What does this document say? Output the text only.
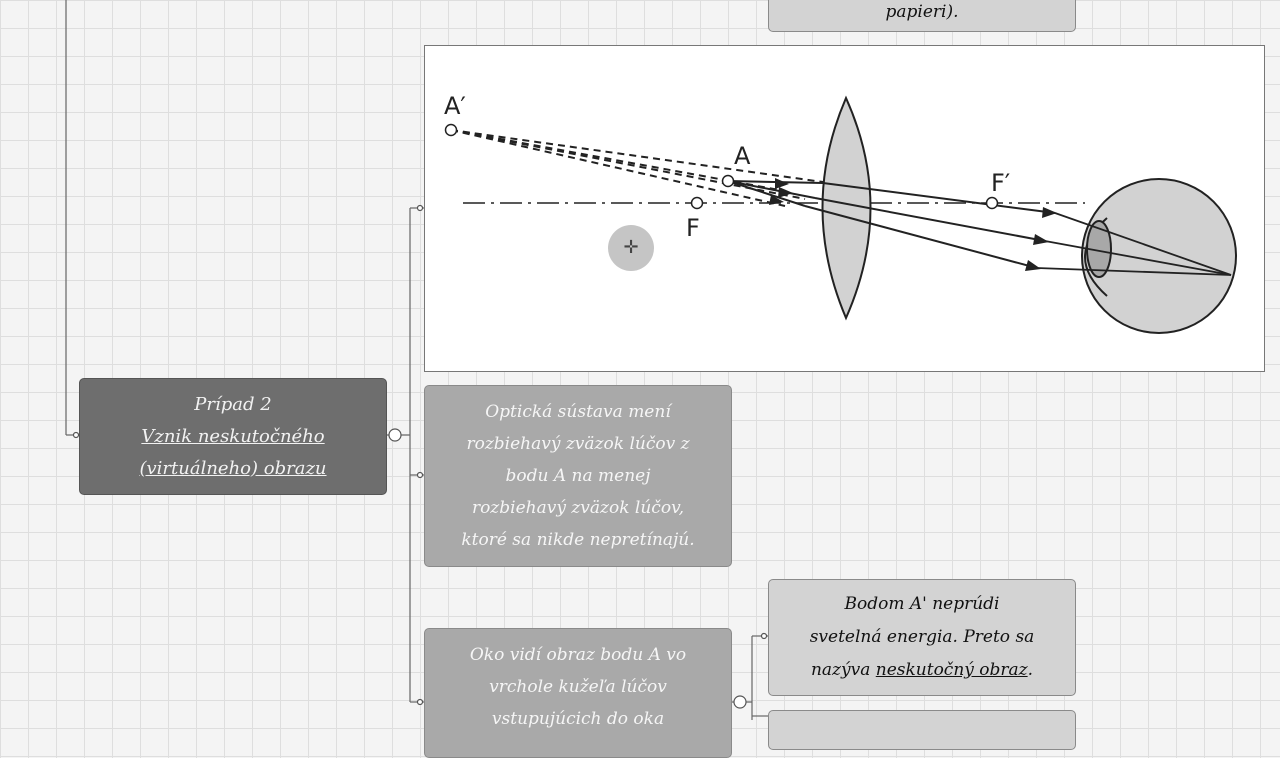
papieri).
A′
A
F
F′
✛
Prípad 2
Vznik neskutočného
(virtuálneho) obrazu
Optická sústava mení
rozbiehavý zväzok lúčov z
bodu A na menej
rozbiehavý zväzok lúčov,
ktoré sa nikde nepretínajú.
Oko vidí obraz bodu A vo
vrchole kužeľa lúčov
vstupujúcich do oka
Bodom A' neprúdi
svetelná energia. Preto sa
nazýva neskutočný obraz.
